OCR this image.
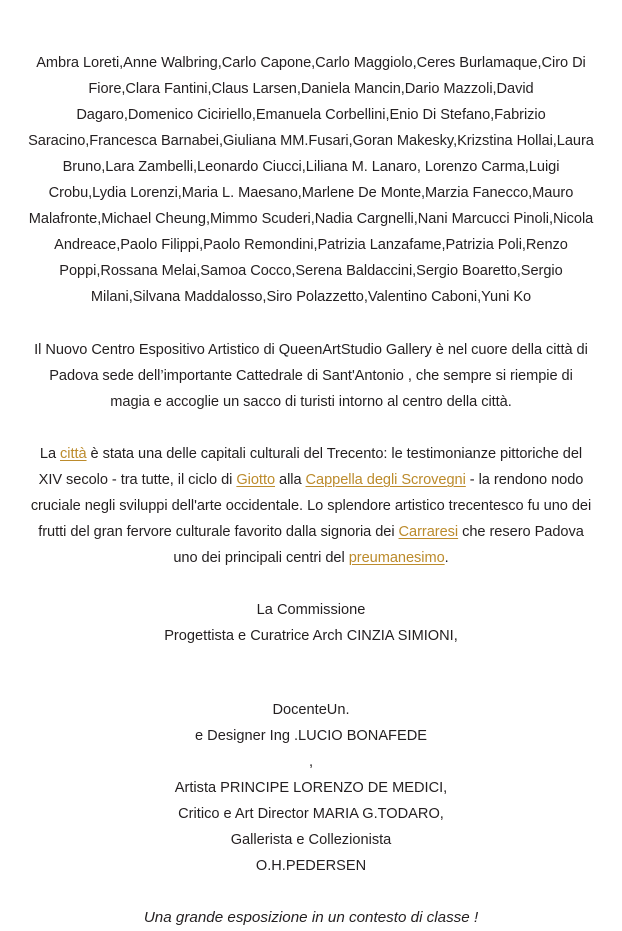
Ambra Loreti,Anne Walbring,Carlo Capone,Carlo Maggiolo,Ceres Burlamaque,Ciro Di Fiore,Clara Fantini,Claus Larsen,Daniela Mancin,Dario Mazzoli,David Dagaro,Domenico Ciciriello,Emanuela Corbellini,Enio Di Stefano,Fabrizio Saracino,Francesca Barnabei,Giuliana MM.Fusari,Goran Makesky,Krizstina Hollai,Laura Bruno,Lara Zambelli,Leonardo Ciucci,Liliana M. Lanaro, Lorenzo Carma,Luigi Crobu,Lydia Lorenzi,Maria L. Maesano,Marlene De Monte,Marzia Fanecco,Mauro Malafronte,Michael Cheung,Mimmo Scuderi,Nadia Cargnelli,Nani Marcucci Pinoli,Nicola Andreace,Paolo Filippi,Paolo Remondini,Patrizia Lanzafame,Patrizia Poli,Renzo Poppi,Rossana Melai,Samoa Cocco,Serena Baldaccini,Sergio Boaretto,Sergio Milani,Silvana Maddalosso,Siro Polazzetto,Valentino Caboni,Yuni Ko

Il Nuovo Centro Espositivo Artistico di QueenArtStudio Gallery è nel cuore della città di Padova sede dell’importante Cattedrale di Sant'Antonio , che sempre si riempie di magia e accoglie un sacco di turisti intorno al centro della città.

La città è stata una delle capitali culturali del Trecento: le testimonianze pittoriche del XIV secolo - tra tutte, il ciclo di Giotto alla Cappella degli Scrovegni - la rendono nodo cruciale negli sviluppi dell'arte occidentale. Lo splendore artistico trecentesco fu uno dei frutti del gran fervore culturale favorito dalla signoria dei Carraresi che resero Padova uno dei principali centri del preumanesimo.

La Commissione
Progettista e Curatrice Arch CINZIA SIMIONI,
DocenteUn.
e Designer Ing .LUCIO BONAFEDE
,
Artista PRINCIPE LORENZO DE MEDICI,
Critico e Art Director MARIA G.TODARO,
Gallerista e Collezionista
O.H.PEDERSEN
Una grande esposizione in un contesto di classe !
